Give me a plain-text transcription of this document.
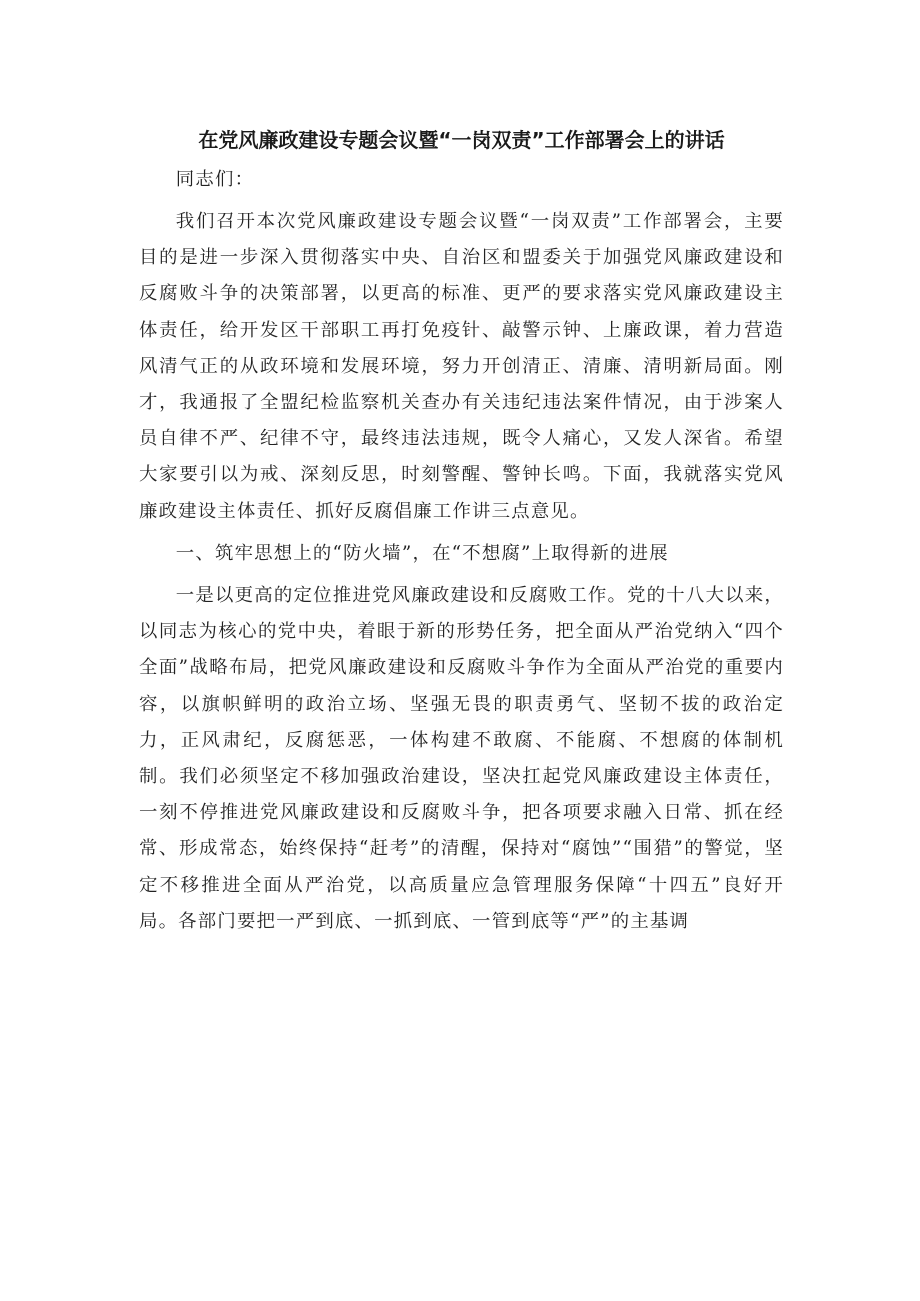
在党风廉政建设专题会议暨“一岗双责”工作部署会上的讲话

同志们：

我们召开本次党风廉政建设专题会议暨“一岗双责”工作部署会，主要目的是进一步深入贯彻落实中央、自治区和盟委关于加强党风廉政建设和反腐败斗争的决策部署，以更高的标准、更严的要求落实党风廉政建设主体责任，给开发区干部职工再打免疫针、敲警示钟、上廉政课，着力营造风清气正的从政环境和发展环境，努力开创清正、清廉、清明新局面。刚才，我通报了全盟纪检监察机关查办有关违纪违法案件情况，由于涉案人员自律不严、纪律不守，最终违法违规，既令人痛心，又发人深省。希望大家要引以为戒、深刻反思，时刻警醒、警钟长鸣。下面，我就落实党风廉政建设主体责任、抓好反腐倡廉工作讲三点意见。

一、筑牢思想上的“防火墙”，在“不想腐”上取得新的进展

一是以更高的定位推进党风廉政建设和反腐败工作。党的十八大以来，以同志为核心的党中央，着眼于新的形势任务，把全面从严治党纳入“四个全面”战略布局，把党风廉政建设和反腐败斗争作为全面从严治党的重要内容，以旗帜鲜明的政治立场、坚强无畏的职责勇气、坚韧不拔的政治定力，正风肃纪，反腐惩恶，一体构建不敢腐、不能腐、不想腐的体制机制。我们必须坚定不移加强政治建设，坚决扛起党风廉政建设主体责任，一刻不停推进党风廉政建设和反腐败斗争，把各项要求融入日常、抓在经常、形成常态，始终保持“赶考”的清醒，保持对“腐蚀”“围猎”的警觉，坚定不移推进全面从严治党，以高质量应急管理服务保障“十四五”良好开局。各部门要把一严到底、一抓到底、一管到底等“严”的主基调
